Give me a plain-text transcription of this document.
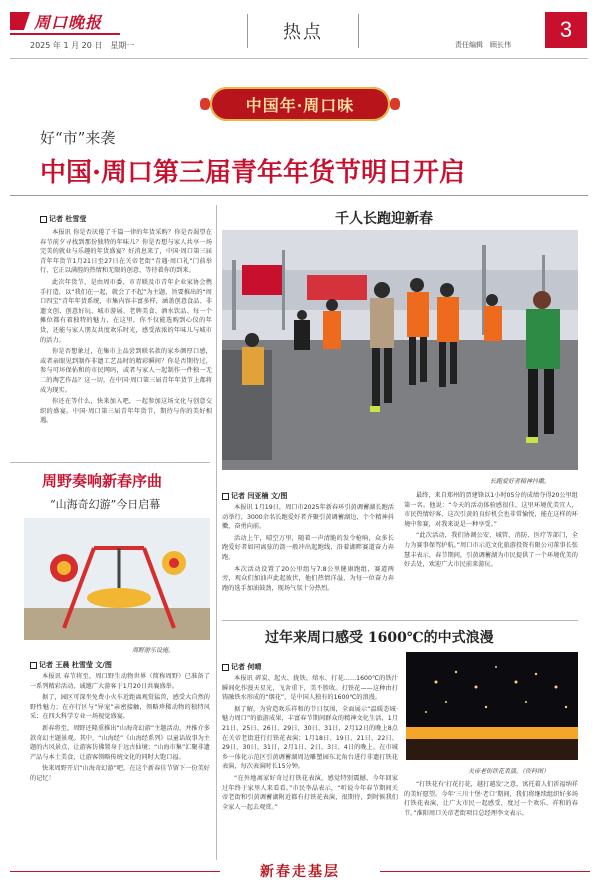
周口晚报
2025 年 1 月 20 日　星期一
热点
责任编辑　顾长伟
3
中国年·周口味
好“市”来袭
中国·周口第三届青年年货节明日开启
记者 杜雪莹

本报讯 你是否厌倦了千篇一律的年货采购？你是否渴望在春节前夕寻找到那份独特的年味儿？你是否想与家人共享一场完美的就业与乐趣的年货盛宴？好消息来了，中国·周口第三届青年年货节1月21日至27日在关帝老街“青遇·周口礼”门前举行，它正以满腔的热情和无限的创意，等待着你的到来。

此次年货节，是由周市委、市青联及市青年企业家协会携手打造，以“我们在一起，就会了不起”为主题，旨要推出的“周口四宝”青年年货系统，市集内容丰富多样，涵盖创意食品、非遗文创、创意好玩、城市游展、老牌美食、酒水饮品、每一个摊位都有着独特的魅力，在这里，你不仅能选购到心仪的年货，还能与家人朋友共度欢乐时光，感受浓浓的年味儿与城市的活力。

你是否想象过，在集市上品尝到联名款的家乡颜厚口感，或者亲眼见到制作非遗工艺品时的精彩瞬间？你是否期待过，参与可坏保佑和的市民网吗，或者与家人一起制作一件独一无二的淘艺作品？这一切，在中国·周口第三届青年年货节上都将成为现实。

你还在等什么，快来加入吧，一起参加这场文化与创意交织的盛宴。中国·周口第三届青年年货节，期待与你的美好相遇。

千人长跑迎新春
长跑爱好者精神抖擞。
记者 闫亚楠 文/图

本报讯 1月19日，周口市2025年新春环引黄调蓄湖长跑活动举行，3000余名长跑爱好者齐聚引黄调蓄湖边，个个精神抖擞，奋勇向前。

活动上午，晴空万里，随着一声清脆的发令枪响，众多长跑爱好者如同离弦的箭一般冲出起跑线，沿着湖畔赛道奋力奔跑。

本次活动设置了20公里组与7.8公里健康跑组，赛道两旁，观众们加油声此起彼伏，他们热情洋溢，为每一位奋力奔跑的选手加油鼓劲，现场气氛十分热烈。

最终，来自郑州的贾建锋以1小时05分的成绩夺得20公里组第一名。他说：“今天的活动体验感很佳，这里环境优美宜人，市民热情好客，这次引黄的良好机会也非常愉悦，能在这样的环境中参赛，对我来说是一种享受。”

“此次活动，我们协调公安、城管、消防、医疗等部门，全力为赛事保驾护航。”周口市示范文化旅游投资有限公司董事长张慧丰表示，春节期间，引黄调蓄湖为市民提供了一个环境优美的好去处，欢迎广大市民前来游玩。

周野奏响新春序曲
“山海奇幻游”今日启幕
周野游乐设施。
记者 王晨 杜雪莹 文/图

本报讯 春节将至，周口野生动物世界（简称周野）已准备了一系列精彩活动，诚邀广大游客于1月20日共襄盛举。

据了，园区可深坐免费小火车近距离观赏猛兽，感受大自然的野性魅力；在亦行区与“异宠”亲密接触，领略珍稀动物的独特风采；在四大科学专业一场视觉盛宴。

新春将至，周野还隆重推出“山海奇幻游”主题活动，并推介多款奇幻主题景观。其中，“山海经”《山海经系列》以童话故事为主题的古风景点，让游客仿佛置身于远古仙境；“山海市集”汇聚非遗产品与本土美食，让游客领略传统文化的同时大饱口福。

快来周野开启“山海奇幻游”吧，在这个新春佳节留下一份美好的记忆！

过年来周口感受 1600℃的中式浪漫
记者 何晴

本报讯 碎炭、起火、拢铁、熔水、打花……1600℃的铁汁瞬间化作漫天星光，飞舍重下，美不胜收。打铁花——这种由打铸融铁水形成的“烟花”，是中国人独有的1600℃的浪漫。

据了解，为营造欢乐祥和的节日氛围，全面展示“温暖态城·魅力周口”的旅游成果，丰富春节期间群众的精神文化生活，1月21日、25日、26日、29日、30日、31日，2月12日的晚上8点在关帝老街进行打铁花表演；1月18日、19日、21日、22日、29日、30日、31日，2月1日、2日、3日、4日的晚上，在市城乡一体化示范区引黄调蓄湖周边雕塑园东北角台进行非遗打铁花表演，每次表演时长15分钟。

“在外地离家好奇过打铁花表演，感觉特别震撼，今年回家过年终于家里人来看看。”市民李晶表示，“听说今年春节期间关帝老街和引黄调蓄湖附近都有打铁花表演，很期待，到时候我们全家人一起去观赏。”

关帝老街铁花表演。（资料图）

“打铁花有‘打花打花，越打越发’之意，寓托着人们祈福纳祥的美好愿望。今年‘三川十堡·老口’期间，我们将继续组织好多场打铁花表演，让广大市民一起感受，度过一个欢乐、祥和的春节。”淮阳周口关帝老街项目总经理李文表示。

新春走基层
